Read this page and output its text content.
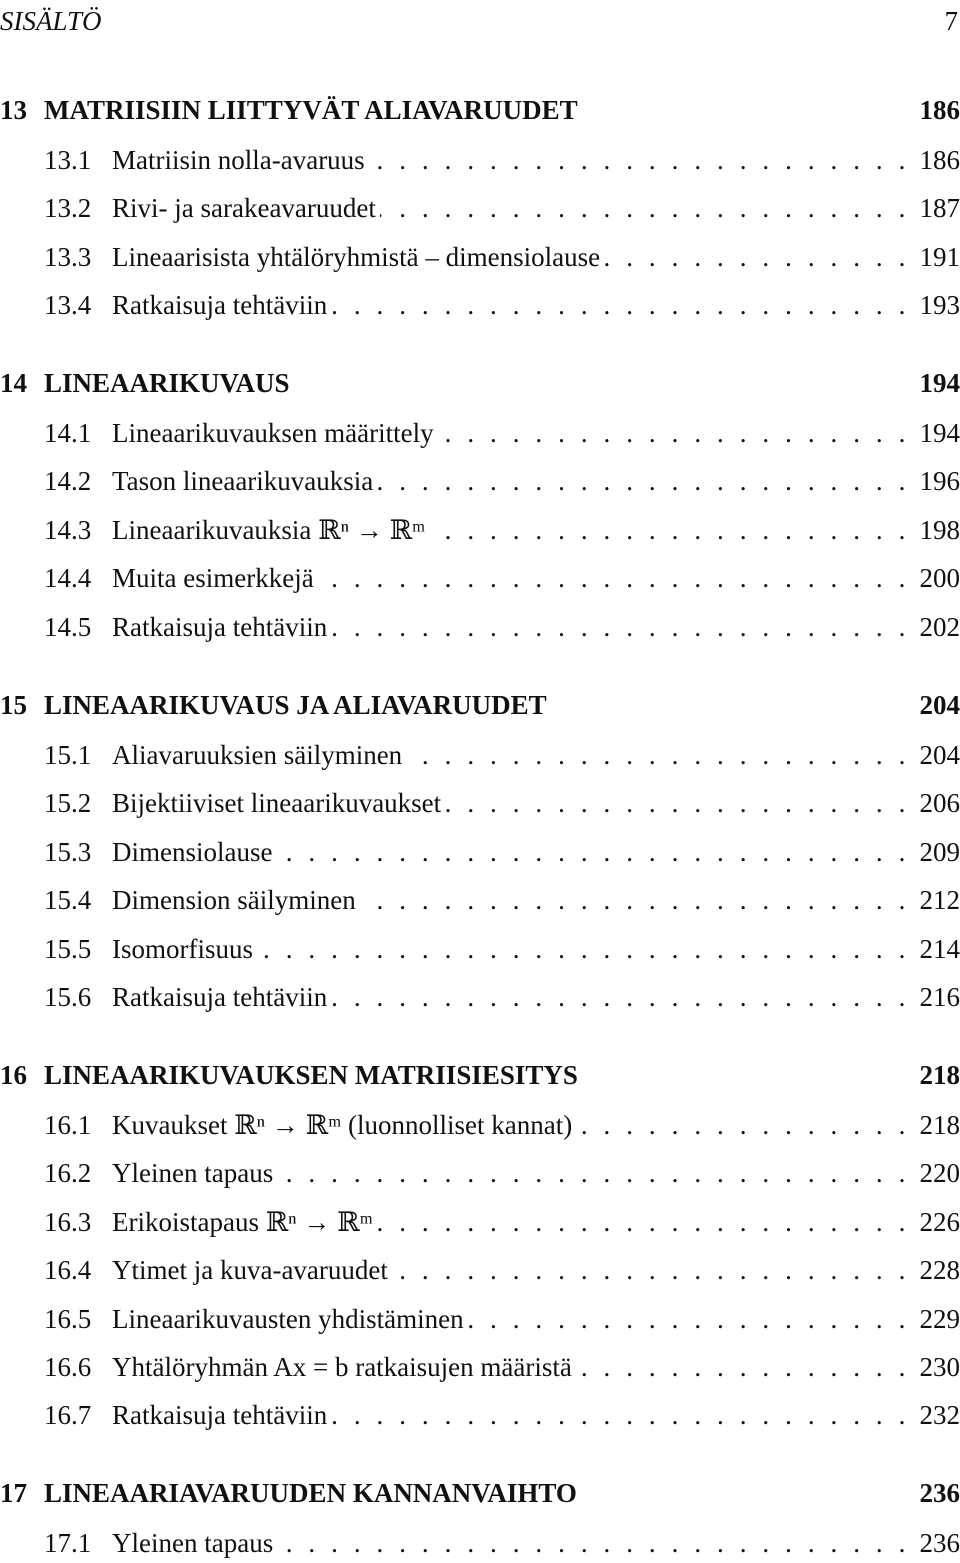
SISÄLTÖ	7
13 MATRIISIIN LIITTYVÄT ALIAVARUUDET	186
13.1 Matriisin nolla-avaruus . . .	186
13.2 Rivi- ja sarakeavaruudet . . .	187
13.3 Lineaarisista yhtälöryhmistä – dimensiolause . . .	191
13.4 Ratkaisuja tehtäviin . . .	193
14 LINEAARIKUVAUS	194
14.1 Lineaarikuvauksen määrittely . . .	194
14.2 Tason lineaarikuvauksia . . .	196
14.3 Lineaarikuvauksia ℝⁿ → ℝᵐ . . .	198
14.4 Muita esimerkkejä . . .	200
14.5 Ratkaisuja tehtäviin . . .	202
15 LINEAARIKUVAUS JA ALIAVARUUDET	204
15.1 Aliavaruuksien säilyminen . . .	204
15.2 Bijektiiviset lineaarikuvaukset . . .	206
15.3 Dimensiolause . . .	209
15.4 Dimension säilyminen . . .	212
15.5 Isomorfisuus . . .	214
15.6 Ratkaisuja tehtäviin . . .	216
16 LINEAARIKUVAUKSEN MATRIISIESITYS	218
16.1 Kuvaukset ℝⁿ → ℝᵐ (luonnolliset kannat) . . .	218
16.2 Yleinen tapaus . . .	220
16.3 Erikoistapaus ℝⁿ → ℝᵐ . . .	226
16.4 Ytimet ja kuva-avaruudet . . .	228
16.5 Lineaarikuvausten yhdistäminen . . .	229
16.6 Yhtälöryhmän Ax = b ratkaisujen määristä . . .	230
16.7 Ratkaisuja tehtäviin . . .	232
17 LINEAARIAVARUUDEN KANNANVAIHTO	236
17.1 Yleinen tapaus . . .	236
